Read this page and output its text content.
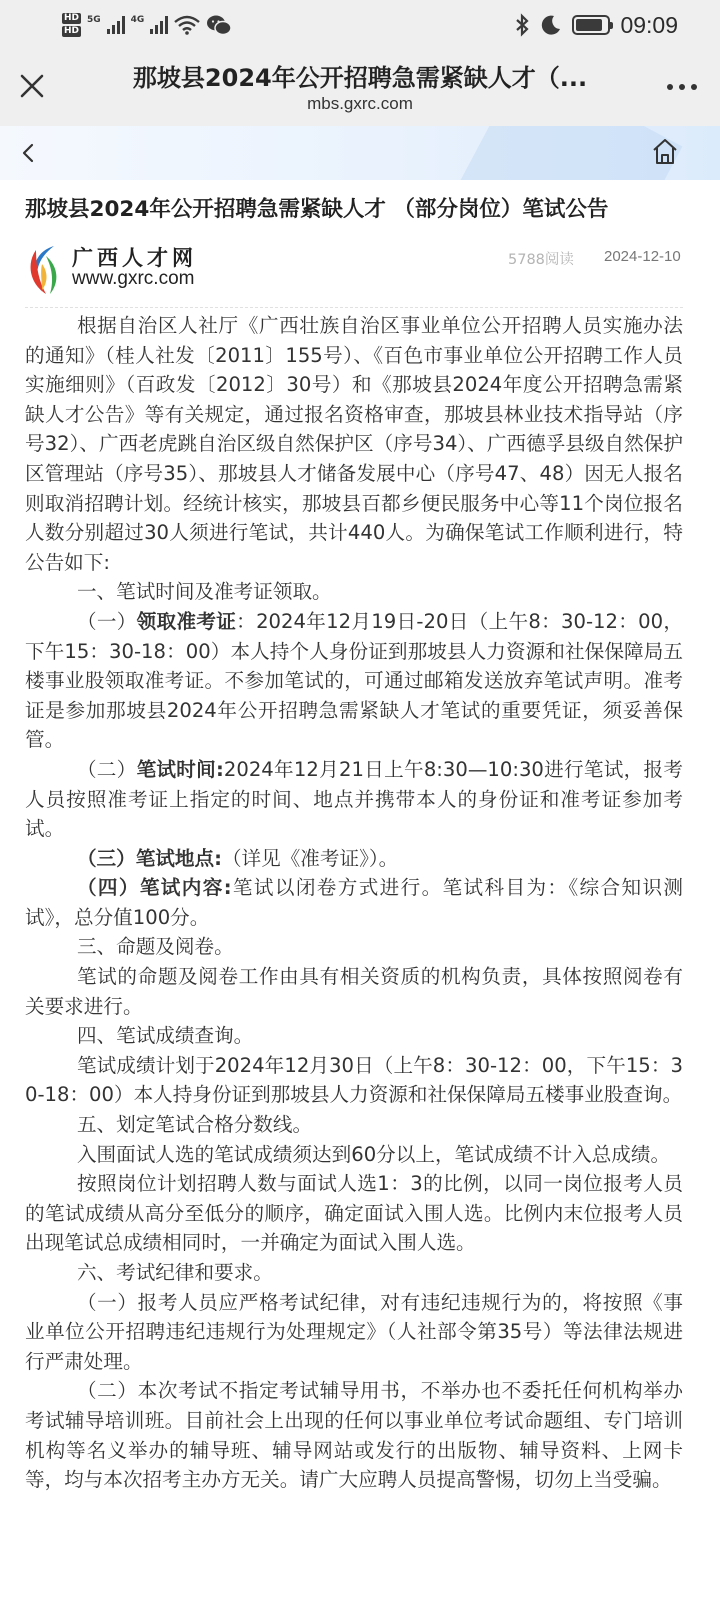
HD
HD
5G	4G	09:09
那坡县2024年公开招聘急需紧缺人才（...
mbs.gxrc.com
那坡县2024年公开招聘急需紧缺人才 （部分岗位）笔试公告
广西人才网
www.gxrc.com
5788阅读 2024-12-10

根据自治区人社厅《广西壮族自治区事业单位公开招聘人员实施办法的通知》（桂人社发〔2011〕155号）、《百色市事业单位公开招聘工作人员实施细则》（百政发〔2012〕30号）和《那坡县2024年度公开招聘急需紧缺人才公告》等有关规定，通过报名资格审查，那坡县林业技术指导站（序号32）、广西老虎跳自治区级自然保护区（序号34）、广西德孚县级自然保护区管理站（序号35）、那坡县人才储备发展中心（序号47、48）因无人报名则取消招聘计划。经统计核实，那坡县百都乡便民服务中心等11个岗位报名人数分别超过30人须进行笔试，共计440人。为确保笔试工作顺利进行，特公告如下:

一、笔试时间及准考证领取。

（一）领取准考证：2024年12月19日-20日（上午8：30-12：00，下午15：30-18：00）本人持个人身份证到那坡县人力资源和社保保障局五楼事业股领取准考证。不参加笔试的，可通过邮箱发送放弃笔试声明。准考证是参加那坡县2024年公开招聘急需紧缺人才笔试的重要凭证，须妥善保管。

（二）笔试时间:2024年12月21日上午8:30—10:30进行笔试，报考人员按照准考证上指定的时间、地点并携带本人的身份证和准考证参加考试。

（三）笔试地点:（详见《准考证》）。

（四）笔试内容:笔试以闭卷方式进行。笔试科目为：《综合知识测试》，总分值100分。

三、命题及阅卷。

笔试的命题及阅卷工作由具有相关资质的机构负责，具体按照阅卷有关要求进行。

四、笔试成绩查询。

笔试成绩计划于2024年12月30日（上午8：30-12：00，下午15：30-18：00）本人持身份证到那坡县人力资源和社保保障局五楼事业股查询。

五、划定笔试合格分数线。

入围面试人选的笔试成绩须达到60分以上，笔试成绩不计入总成绩。

按照岗位计划招聘人数与面试人选1：3的比例，以同一岗位报考人员的笔试成绩从高分至低分的顺序，确定面试入围人选。比例内末位报考人员出现笔试总成绩相同时，一并确定为面试入围人选。

六、考试纪律和要求。

（一）报考人员应严格考试纪律，对有违纪违规行为的，将按照《事业单位公开招聘违纪违规行为处理规定》（人社部令第35号）等法律法规进行严肃处理。

（二）本次考试不指定考试辅导用书，不举办也不委托任何机构举办考试辅导培训班。目前社会上出现的任何以事业单位考试命题组、专门培训机构等名义举办的辅导班、辅导网站或发行的出版物、辅导资料、上网卡等，均与本次招考主办方无关。请广大应聘人员提高警惕，切勿上当受骗。
